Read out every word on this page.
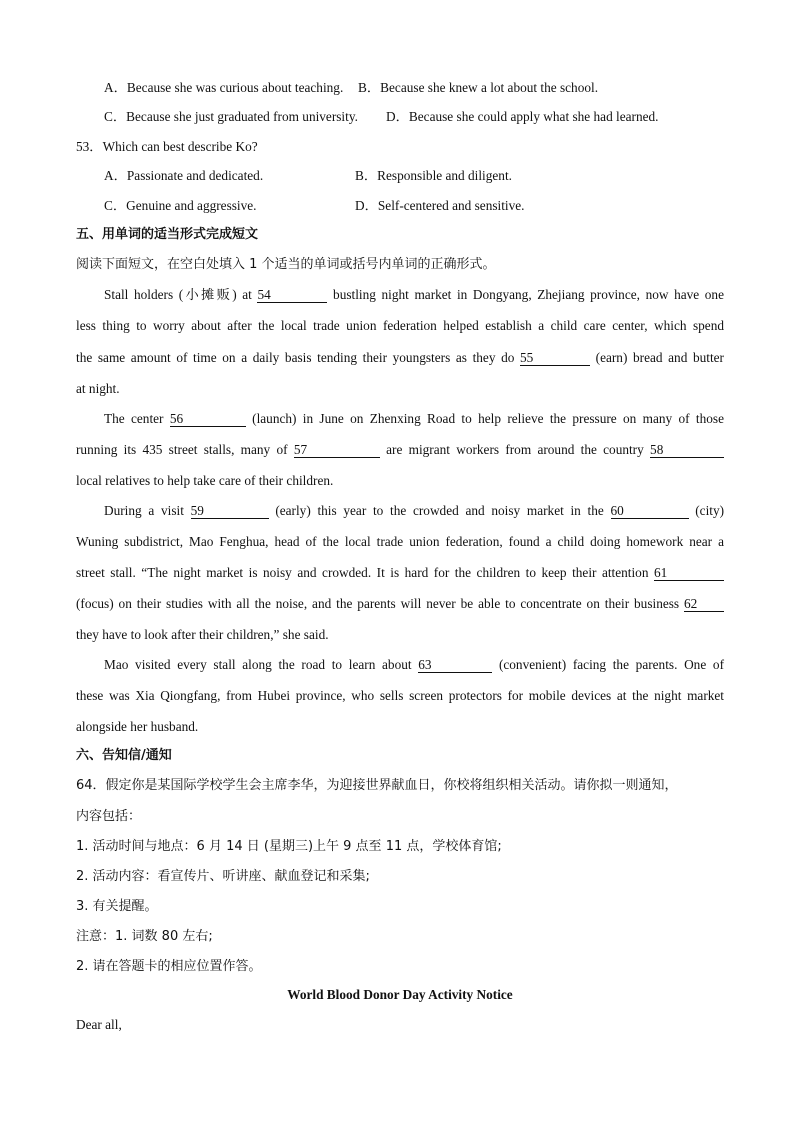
A．Because she was curious about teaching. B．Because she knew a lot about the school.
C．Because she just graduated from university. D．Because she could apply what she had learned.
53．Which can best describe Ko?
A．Passionate and dedicated.	B．Responsible and diligent.
C．Genuine and aggressive.	D．Self-centered and sensitive.
五、用单词的适当形式完成短文
阅读下面短文，在空白处填入 1 个适当的单词或括号内单词的正确形式。
Stall holders (小摊贩) at 54	bustling night market in Dongyang, Zhejiang province, now have one
less thing to worry about after the local trade union federation helped establish a child care center, which spend
the same amount of time on a daily basis tending their youngsters as they do 55	(earn) bread and butter
at night.
The center 56	(launch) in June on Zhenxing Road to help relieve the pressure on many of those
running its 435 street stalls, many of 57	are migrant workers from around the country 58
local relatives to help take care of their children.
During a visit 59	(early) this year to the crowded and noisy market in the 60	(city)
Wuning subdistrict, Mao Fenghua, head of the local trade union federation, found a child doing homework near a
street stall. “The night market is noisy and crowded. It is hard for the children to keep their attention 61
(focus) on their studies with all the noise, and the parents will never be able to concentrate on their business 62
they have to look after their children,” she said.
Mao visited every stall along the road to learn about 63	(convenient) facing the parents. One of
these was Xia Qiongfang, from Hubei province, who sells screen protectors for mobile devices at the night market
alongside her husband.
六、告知信/通知
64．假定你是某国际学校学生会主席李华，为迎接世界献血日，你校将组织相关活动。请你拟一则通知，
内容包括：
1. 活动时间与地点：6 月 14 日 (星期三)上午 9 点至 11 点，学校体育馆;
2. 活动内容：看宣传片、听讲座、献血登记和采集;
3. 有关提醒。
注意：1. 词数 80 左右;
2. 请在答题卡的相应位置作答。
World Blood Donor Day Activity Notice
Dear all,
